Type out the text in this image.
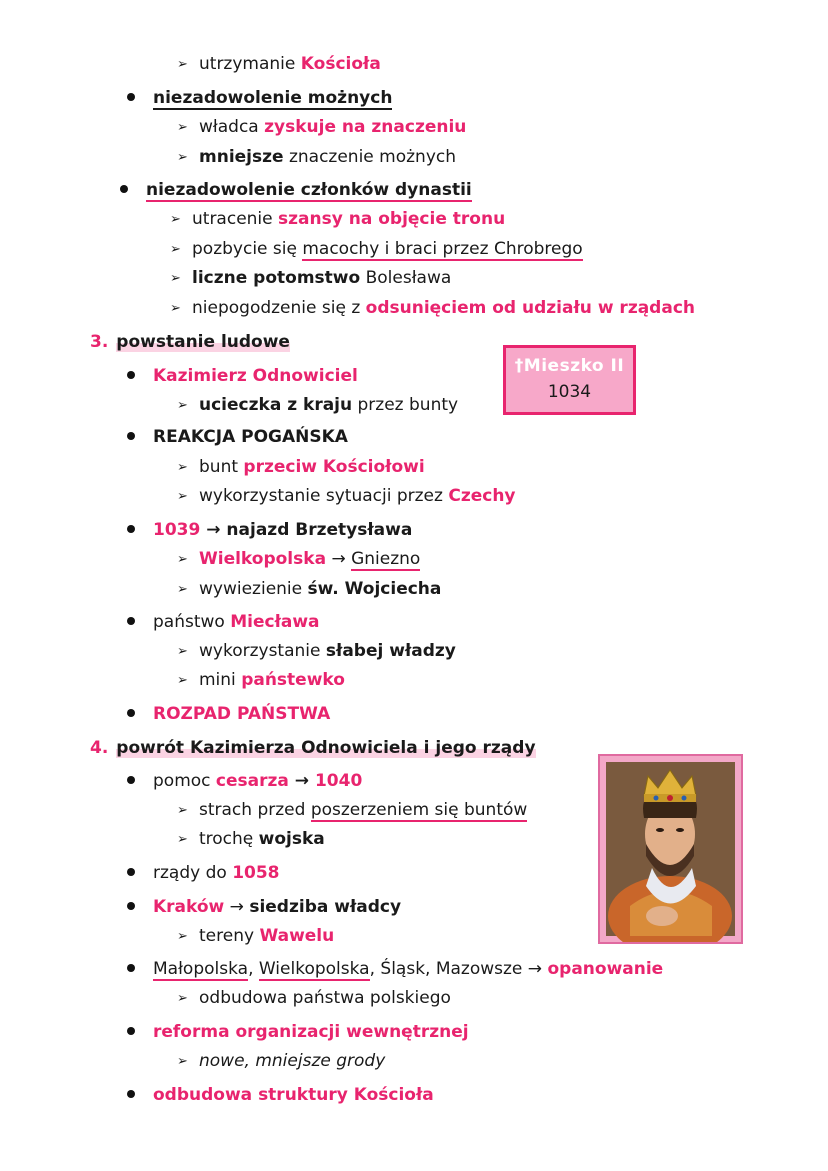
➢ utrzymanie Kościoła
niezadowolenie możnych
➢ władca zyskuje na znaczeniu
➢ mniejsze znaczenie możnych
niezadowolenie członków dynastii
➢ utracenie szansy na objęcie tronu
➢ pozbycie się macochy i braci przez Chrobrego
➢ liczne potomstwo Bolesława
➢ niepogodzenie się z odsunięciem od udziału w rządach
3. powstanie ludowe
†Mieszko II
1034
Kazimierz Odnowiciel
➢ ucieczka z kraju przez bunty
REAKCJA POGAŃSKA
➢ bunt przeciw Kościołowi
➢ wykorzystanie sytuacji przez Czechy
1039 → najazd Brzetysława
➢ Wielkopolska → Gniezno
➢ wywiezienie św. Wojciecha
państwo Miecława
➢ wykorzystanie słabej władzy
➢ mini państewko
ROZPAD PAŃSTWA
4. powrót Kazimierza Odnowiciela i jego rządy
pomoc cesarza → 1040
➢ strach przed poszerzeniem się buntów
➢ trochę wojska
rządy do 1058
Kraków → siedziba władcy
➢ tereny Wawelu
Małopolska, Wielkopolska, Śląsk, Mazowsze → opanowanie
➢ odbudowa państwa polskiego
reforma organizacji wewnętrznej
➢ nowe, mniejsze grody
odbudowa struktury Kościoła
